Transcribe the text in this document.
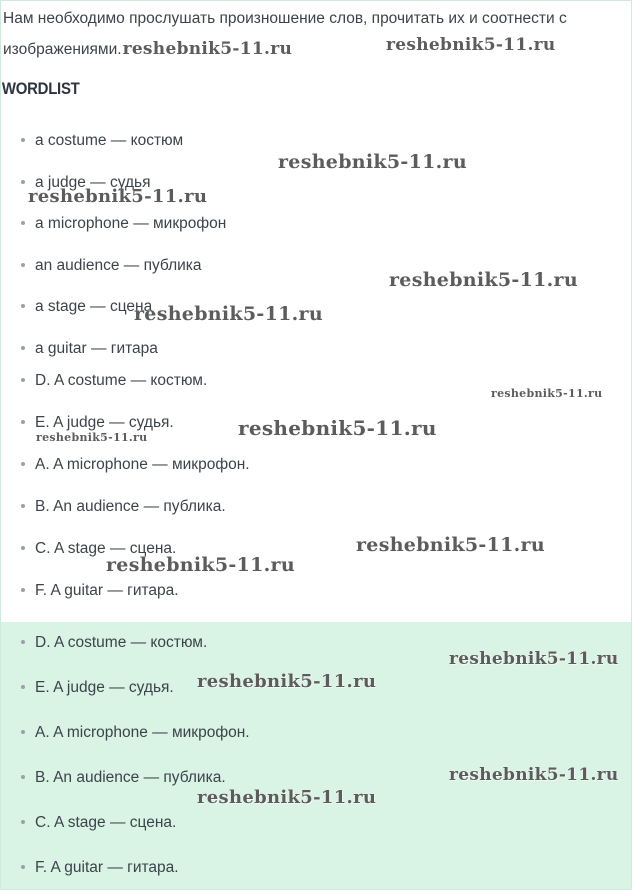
Нам необходимо прослушать произношение слов, прочитать их и соотнести с изображениями.reshebnik5-11.ru	reshebnik5-11.ru
WORDLIST
a costume — костюм
a judge — судья
a microphone — микрофон
an audience — публика
a stage — сцена
a guitar — гитара
D. A costume — костюм.
E. A judge — судья.
A. A microphone — микрофон.
B. An audience — публика.
C. A stage — сцена.
F. A guitar — гитара.
D. A costume — костюм.
E. A judge — судья.
A. A microphone — микрофон.
B. An audience — публика.
C. A stage — сцена.
F. A guitar — гитара.
reshebnik5-11.ru
reshebnik5-11.ru
reshebnik5-11.ru
reshebnik5-11.ru
reshebnik5-11.ru
reshebnik5-11.ru
reshebnik5-11.ru
reshebnik5-11.ru
reshebnik5-11.ru
reshebnik5-11.ru
reshebnik5-11.ru
reshebnik5-11.ru
reshebnik5-11.ru
